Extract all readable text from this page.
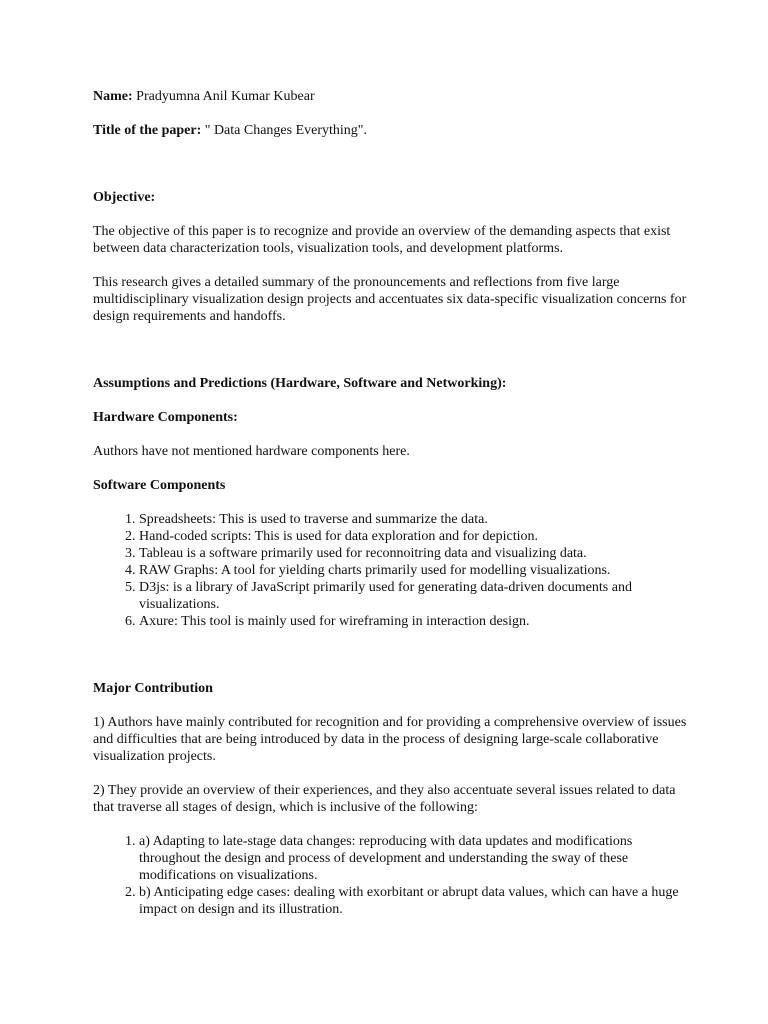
Name: Pradyumna Anil Kumar Kubear

Title of the paper: " Data Changes Everything".

Objective:

The objective of this paper is to recognize and provide an overview of the demanding aspects that exist between data characterization tools, visualization tools, and development platforms.

This research gives a detailed summary of the pronouncements and reflections from five large multidisciplinary visualization design projects and accentuates six data-specific visualization concerns for design requirements and handoffs.

Assumptions and Predictions (Hardware, Software and Networking):

Hardware Components:

Authors have not mentioned hardware components here.

Software Components

1. Spreadsheets: This is used to traverse and summarize the data.
2. Hand-coded scripts: This is used for data exploration and for depiction.
3. Tableau is a software primarily used for reconnoitring data and visualizing data.
4. RAW Graphs: A tool for yielding charts primarily used for modelling visualizations.
5. D3js: is a library of JavaScript primarily used for generating data-driven documents and visualizations.
6. Axure: This tool is mainly used for wireframing in interaction design.

Major Contribution

1) Authors have mainly contributed for recognition and for providing a comprehensive overview of issues and difficulties that are being introduced by data in the process of designing large-scale collaborative visualization projects.

2) They provide an overview of their experiences, and they also accentuate several issues related to data that traverse all stages of design, which is inclusive of the following:

1. a) Adapting to late-stage data changes: reproducing with data updates and modifications throughout the design and process of development and understanding the sway of these modifications on visualizations.
2. b) Anticipating edge cases: dealing with exorbitant or abrupt data values, which can have a huge impact on design and its illustration.
